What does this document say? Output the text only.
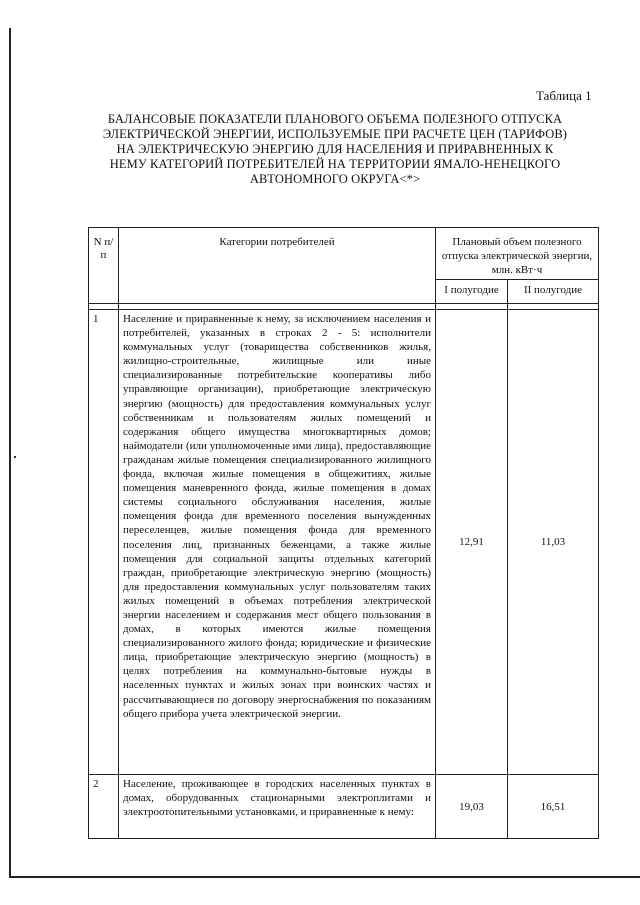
Таблица 1
БАЛАНСОВЫЕ ПОКАЗАТЕЛИ ПЛАНОВОГО ОБЪЕМА ПОЛЕЗНОГО ОТПУСКА ЭЛЕКТРИЧЕСКОЙ ЭНЕРГИИ, ИСПОЛЬЗУЕМЫЕ ПРИ РАСЧЕТЕ ЦЕН (ТАРИФОВ) НА ЭЛЕКТРИЧЕСКУЮ ЭНЕРГИЮ ДЛЯ НАСЕЛЕНИЯ И ПРИРАВНЕННЫХ К НЕМУ КАТЕГОРИЙ ПОТРЕБИТЕЛЕЙ НА ТЕРРИТОРИИ ЯМАЛО-НЕНЕЦКОГО АВТОНОМНОГО ОКРУГА<*>
N п/п	Категории потребителей	Плановый объем полезного отпуска электрической энергии, млн. кВт·ч	
		I полугодие	II полугодие

1	Население и приравненные к нему, за исключением населения и потребителей, указанных в строках 2 - 5: исполнители коммунальных услуг (товарищества собственников жилья, жилищно-строительные, жилищные или иные специализированные потребительские кооперативы либо управляющие организации), приобретающие электрическую энергию (мощность) для предоставления коммунальных услуг собственникам и пользователям жилых помещений и содержания общего имущества многоквартирных домов; наймодатели (или уполномоченные ими лица), предоставляющие гражданам жилые помещения специализированного жилищного фонда, включая жилые помещения в общежитиях, жилые помещения маневренного фонда, жилые помещения в домах системы социального обслуживания населения, жилые помещения фонда для временного поселения вынужденных переселенцев, жилые помещения фонда для временного поселения лиц, признанных беженцами, а также жилые помещения для социальной защиты отдельных категорий граждан, приобретающие электрическую энергию (мощность) для предоставления коммунальных услуг пользователям таких жилых помещений в объемах потребления электрической энергии населением и содержания мест общего пользования в домах, в которых имеются жилые помещения специализированного жилого фонда; юридические и физические лица, приобретающие электрическую энергию (мощность) в целях потребления на коммунально-бытовые нужды в населенных пунктах и жилых зонах при воинских частях и рассчитывающиеся по договору энергоснабжения по показаниям общего прибора учета электрической энергии.	12,91	11,03
2	Население, проживающее в городских населенных пунктах в домах, оборудованных стационарными электроплитами и электроотопительными установками, и приравненные к нему:	19,03	16,51
